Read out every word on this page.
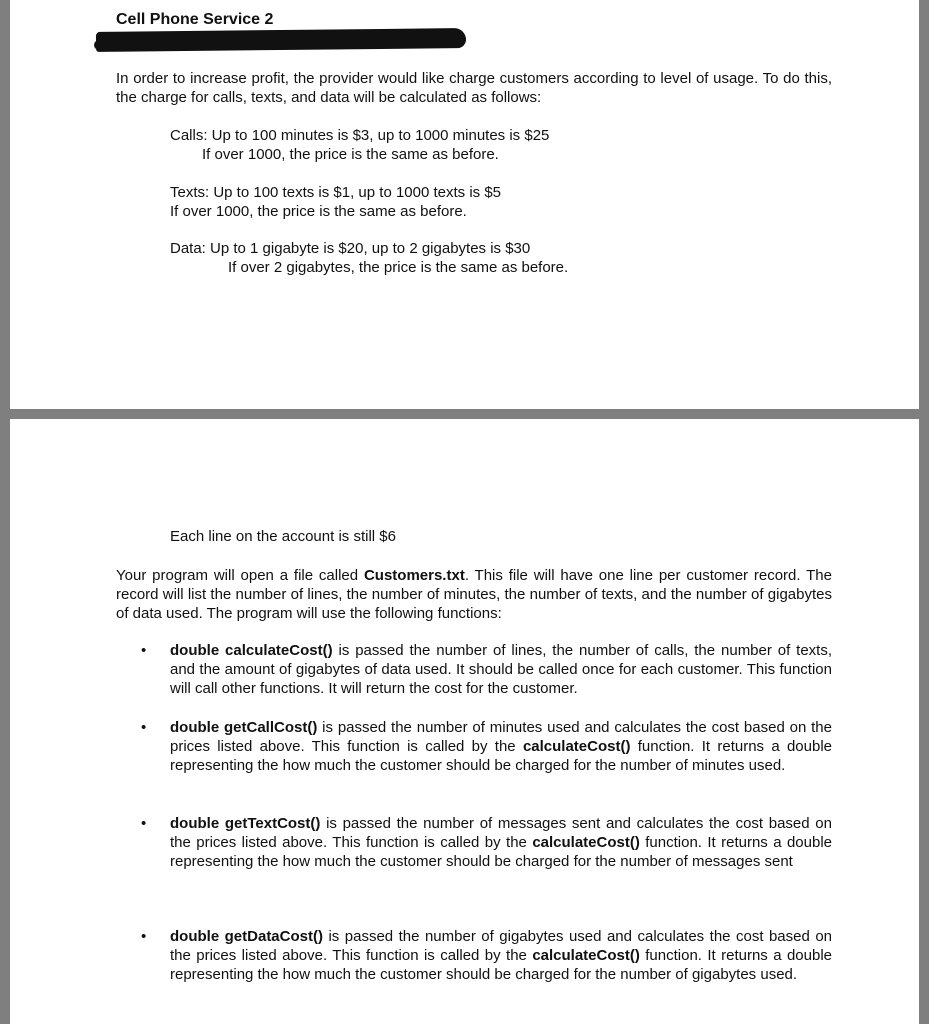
Cell Phone Service 2

In order to increase profit, the provider would like charge customers according to level of usage. To do this, the charge for calls, texts, and data will be calculated as follows:

Calls: Up to 100 minutes is $3, up to 1000 minutes is $25
If over 1000, the price is the same as before.
Texts: Up to 100 texts is $1, up to 1000 texts is $5
If over 1000, the price is the same as before.
Data: Up to 1 gigabyte is $20, up to 2 gigabytes is $30
If over 2 gigabytes, the price is the same as before.
Each line on the account is still $6

Your program will open a file called Customers.txt. This file will have one line per customer record. The record will list the number of lines, the number of minutes, the number of texts, and the number of gigabytes of data used. The program will use the following functions:

•	double calculateCost() is passed the number of lines, the number of calls, the number of texts, and the amount of gigabytes of data used. It should be called once for each customer. This function will call other functions. It will return the cost for the customer.

•	double getCallCost() is passed the number of minutes used and calculates the cost based on the prices listed above. This function is called by the calculateCost() function. It returns a double representing the how much the customer should be charged for the number of minutes used.

•	double getTextCost() is passed the number of messages sent and calculates the cost based on the prices listed above. This function is called by the calculateCost() function. It returns a double representing the how much the customer should be charged for the number of messages sent

•	double getDataCost() is passed the number of gigabytes used and calculates the cost based on the prices listed above. This function is called by the calculateCost() function. It returns a double representing the how much the customer should be charged for the number of gigabytes used.
